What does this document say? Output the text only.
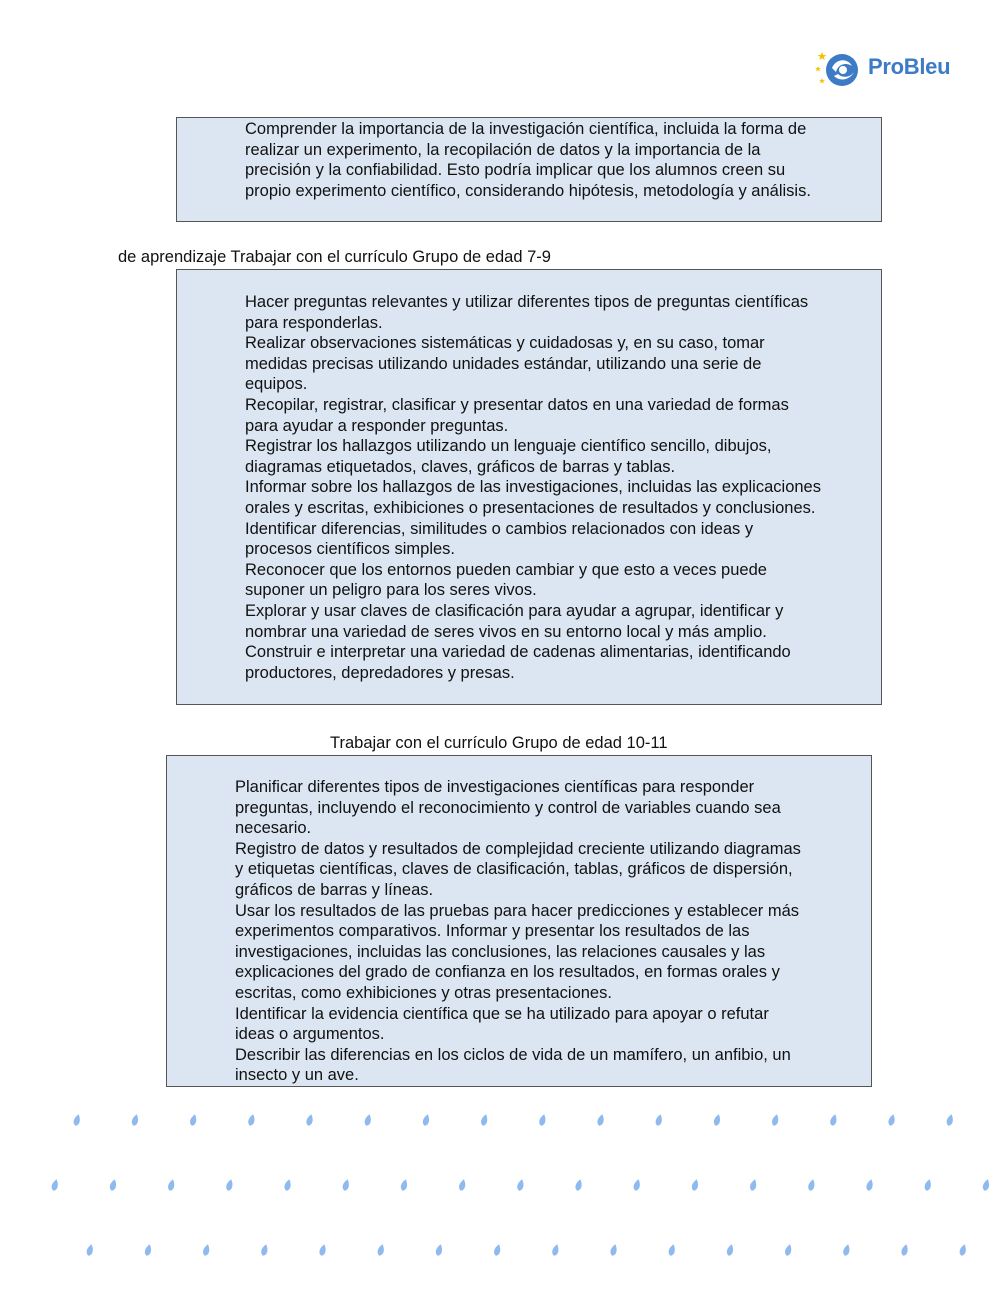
ProBleu
Comprender la importancia de la investigación científica, incluida la forma de
realizar un experimento, la recopilación de datos y la importancia de la
precisión y la confiabilidad. Esto podría implicar que los alumnos creen su
propio experimento científico, considerando hipótesis, metodología y análisis.
de aprendizaje Trabajar con el currículo Grupo de edad 7-9
Hacer preguntas relevantes y utilizar diferentes tipos de preguntas científicas
para responderlas.
Realizar observaciones sistemáticas y cuidadosas y, en su caso, tomar
medidas precisas utilizando unidades estándar, utilizando una serie de
equipos.
Recopilar, registrar, clasificar y presentar datos en una variedad de formas
para ayudar a responder preguntas.
Registrar los hallazgos utilizando un lenguaje científico sencillo, dibujos,
diagramas etiquetados, claves, gráficos de barras y tablas.
Informar sobre los hallazgos de las investigaciones, incluidas las explicaciones
orales y escritas, exhibiciones o presentaciones de resultados y conclusiones.
Identificar diferencias, similitudes o cambios relacionados con ideas y
procesos científicos simples.
Reconocer que los entornos pueden cambiar y que esto a veces puede
suponer un peligro para los seres vivos.
Explorar y usar claves de clasificación para ayudar a agrupar, identificar y
nombrar una variedad de seres vivos en su entorno local y más amplio.
Construir e interpretar una variedad de cadenas alimentarias, identificando
productores, depredadores y presas.
Trabajar con el currículo Grupo de edad 10-11
Planificar diferentes tipos de investigaciones científicas para responder
preguntas, incluyendo el reconocimiento y control de variables cuando sea
necesario.
Registro de datos y resultados de complejidad creciente utilizando diagramas
y etiquetas científicas, claves de clasificación, tablas, gráficos de dispersión,
gráficos de barras y líneas.
Usar los resultados de las pruebas para hacer predicciones y establecer más
experimentos comparativos. Informar y presentar los resultados de las
investigaciones, incluidas las conclusiones, las relaciones causales y las
explicaciones del grado de confianza en los resultados, en formas orales y
escritas, como exhibiciones y otras presentaciones.
Identificar la evidencia científica que se ha utilizado para apoyar o refutar
ideas o argumentos.
Describir las diferencias en los ciclos de vida de un mamífero, un anfibio, un
insecto y un ave.
